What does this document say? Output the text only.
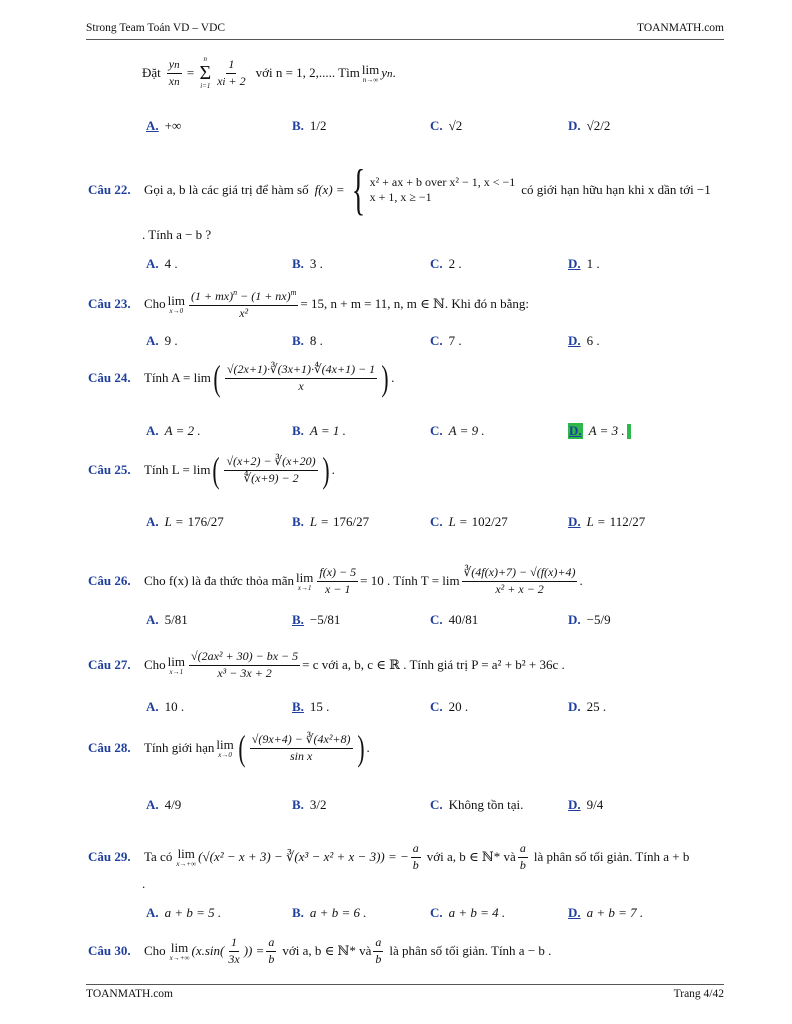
Strong Team Toán VD – VDC	TOANMATH.com
Đặt $\frac{yn}{xn}$ =
n
Σ
i=1
1
xi + 2
với n = 1, 2,..... Tìm lim
n→∞ yn .
A. +∞	B. 1/2	C. √2	D. √2/2
Câu 22.	Gọi a, b là các giá trị để hàm số f(x) = { x² + ax + b over x² − 1, x < −1
x + 1, x ≥ −1	có giới hạn hữu hạn khi x dần tới −1
. Tính a − b ?
A. 4 .	B. 3 .	C. 2 .	D. 1 .
Câu 23.	Cho lim
$x\to 0 \frac{(1 + mx)^n - (1 + nx)^m}{\text{x²}} = 15$, n + m = 11, n, m ∈ ℕ. Khi đó n bằng:
A. 9 .	B. 8 .	C. 7 .	D. 6 .
Câu 24.	Tính A = lim ( √(2x+1)·∛(3x+1)·∜(4x+1) − 1
x ) .
A. A = 2 .	B. A = 1 .	C. A = 9 .	D. A = 3 .
Câu 25.	Tính L = lim ( √(x+2) − ∛(x+20)
∜(x+9) − 2 ) .
A. L = 176/27	B. L = 176/27	C. L = 102/27	D. L = 112/27
Câu 26.	Cho f(x) là đa thức thỏa mãn lim
$x\to 1 \frac{f(x) - 5}{x - 1} = 10$ . Tính T = lim
∛(4f(x)+7) − √(f(x)+4)
x² + x − 2
.
A. 5/81	B. −5/81	C. 40/81	D. −5/9
Câu 27.	Cho lim
$x\to 1 \frac{\text{√(2ax² + 30) − bx − 5}}{\text{x³ − 3x + 2}} = c$ với a, b, c ∈ ℝ . Tính giá trị P = a² + b² + 36c .
A. 10 .	B. 15 .	C. 20 .	D. 25 .
Câu 28.	Tính giới hạn lim
x→0 ( √(9x+4) − ∛(4x²+8)
sin x ) .
A. 4/9	B. 3/2	C. Không tồn tại.	D. 9/4
Câu 29.	Ta có lim
x→+∞ (√(x² − x + 3) − ∛(x³ − x² + x − 3)) = − $\frac{a}{b}$ với a, b ∈ ℕ* và
a
b
là phân số tối giản. Tính a + b
.
A. a + b = 5 .	B. a + b = 6 .	C. a + b = 4 .	D. a + b = 7 .
Câu 30.	Cho lim
x→+∞ (x.sin(
1
3x
)) = $\frac{a}{b}$ với a, b ∈ ℕ* và
a
b
là phân số tối giản. Tính a − b .
TOANMATH.com	Trang 4/42
